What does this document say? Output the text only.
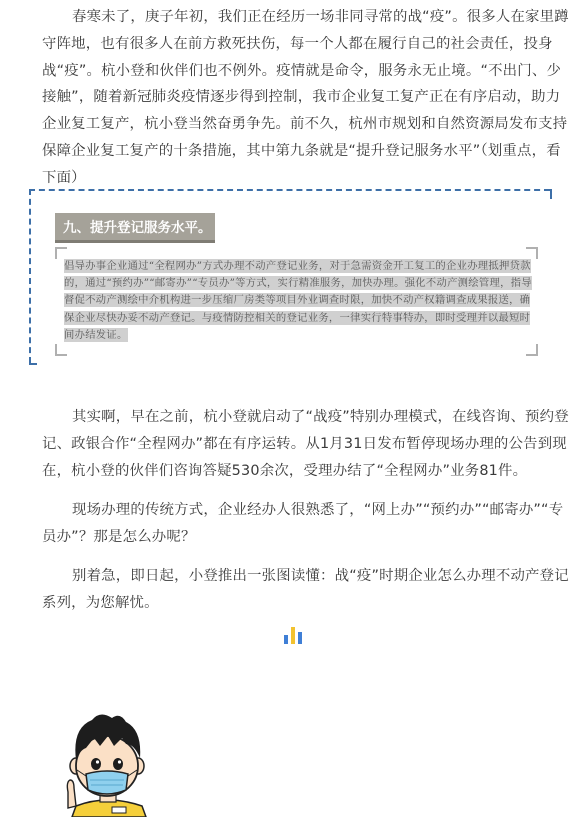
春寒未了，庚子年初，我们正在经历一场非同寻常的战“疫”。很多人在家里蹲守阵地，也有很多人在前方救死扶伤，每一个人都在履行自己的社会责任，投身战“疫”。杭小登和伙伴们也不例外。疫情就是命令，服务永无止境。“不出门、少接触”，随着新冠肺炎疫情逐步得到控制，我市企业复工复产正在有序启动，助力企业复工复产，杭小登当然奋勇争先。前不久，杭州市规划和自然资源局发布支持保障企业复工复产的十条措施，其中第九条就是“提升登记服务水平”（划重点，看下面）

九、提升登记服务水平。

倡导办事企业通过“全程网办”方式办理不动产登记业务，对于急需资金开工复工的企业办理抵押贷款的，通过“预约办”“邮寄办”“专员办”等方式，实行精准服务，加快办理。强化不动产测绘管理，指导督促不动产测绘中介机构进一步压缩厂房类等项目外业调查时限，加快不动产权籍调查成果报送，确保企业尽快办妥不动产登记。与疫情防控相关的登记业务，一律实行特事特办，即时受理并以最短时间办结发证。

其实啊，早在之前，杭小登就启动了“战疫”特别办理模式，在线咨询、预约登记、政银合作“全程网办”都在有序运转。从1月31日发布暂停现场办理的公告到现在，杭小登的伙伴们咨询答疑530余次，受理办结了“全程网办”业务81件。

现场办理的传统方式，企业经办人很熟悉了，“网上办”“预约办”“邮寄办”“专员办”？那是怎么办呢？

别着急，即日起，小登推出一张图读懂：战“疫”时期企业怎么办理不动产登记系列，为您解忧。
